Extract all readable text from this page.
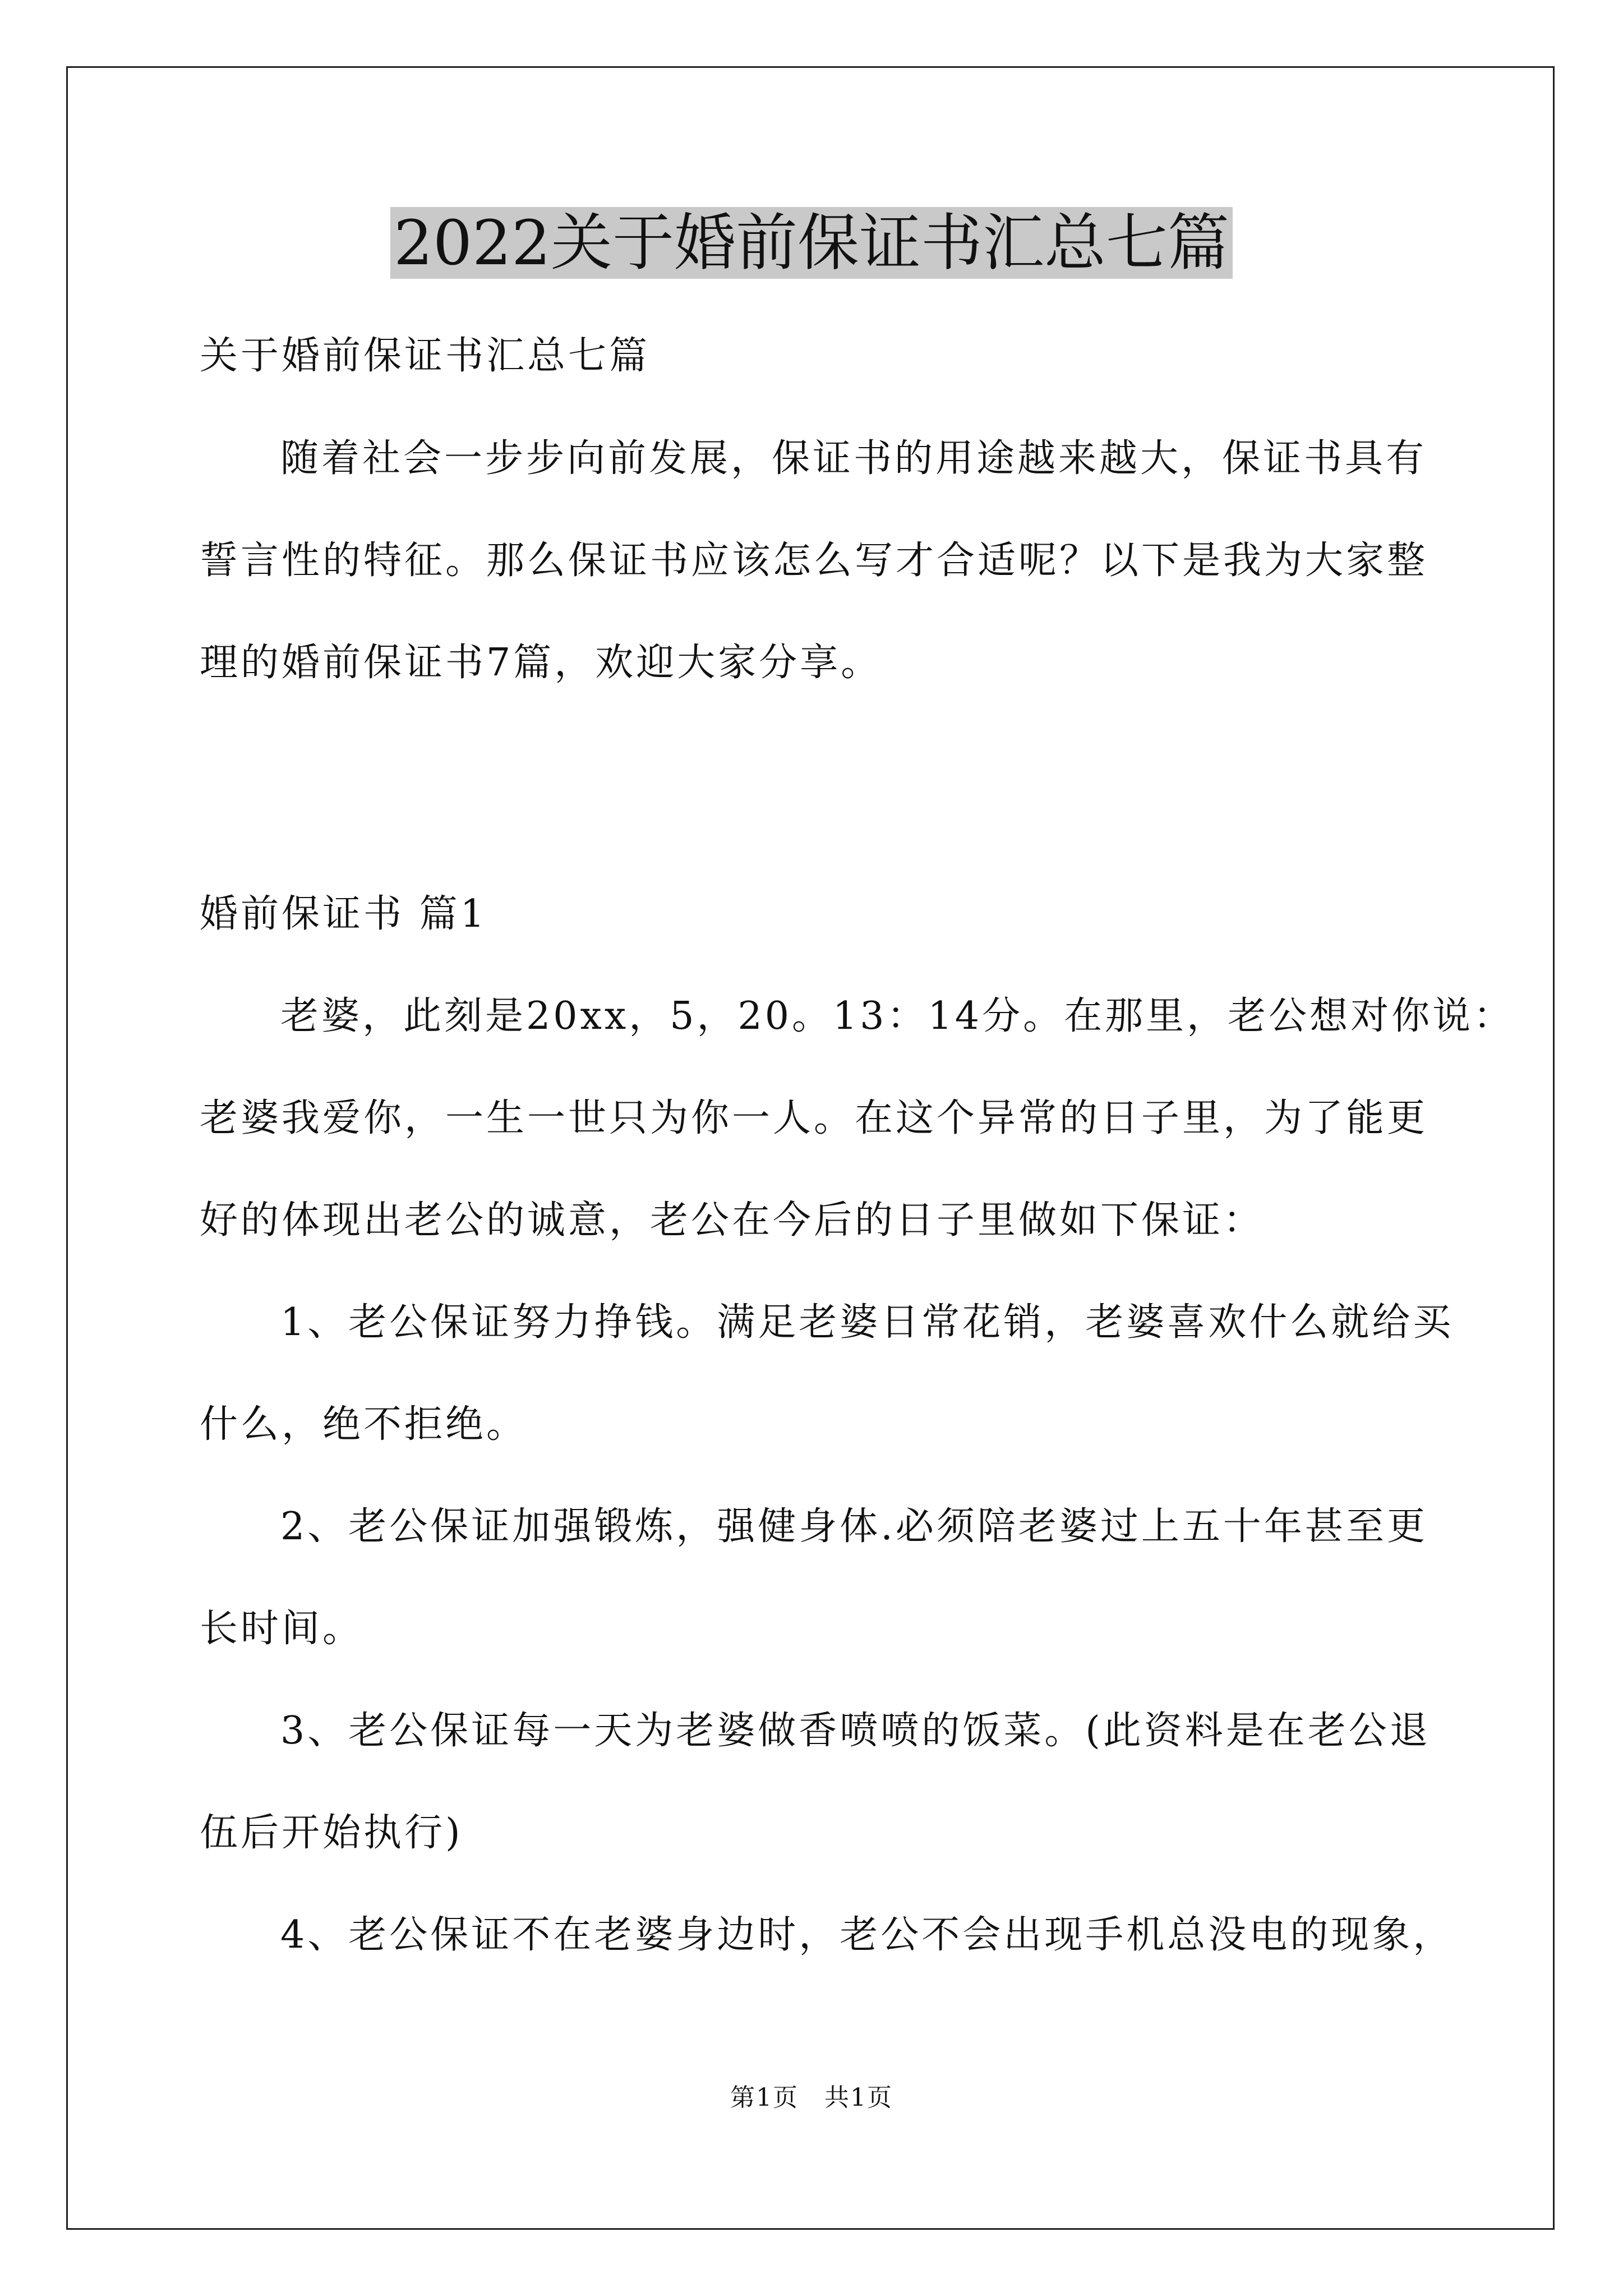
2022关于婚前保证书汇总七篇
关于婚前保证书汇总七篇
随着社会一步步向前发展，保证书的用途越来越大，保证书具有
誓言性的特征。那么保证书应该怎么写才合适呢？以下是我为大家整
理的婚前保证书7篇，欢迎大家分享。
婚前保证书 篇1
老婆，此刻是20xx，5，20。13：14分。在那里，老公想对你说：
老婆我爱你，一生一世只为你一人。在这个异常的日子里，为了能更
好的体现出老公的诚意，老公在今后的日子里做如下保证：
1、老公保证努力挣钱。满足老婆日常花销，老婆喜欢什么就给买
什么，绝不拒绝。
2、老公保证加强锻炼，强健身体.必须陪老婆过上五十年甚至更
长时间。
3、老公保证每一天为老婆做香喷喷的饭菜。(此资料是在老公退
伍后开始执行)
4、老公保证不在老婆身边时，老公不会出现手机总没电的现象，
第1页　共1页
